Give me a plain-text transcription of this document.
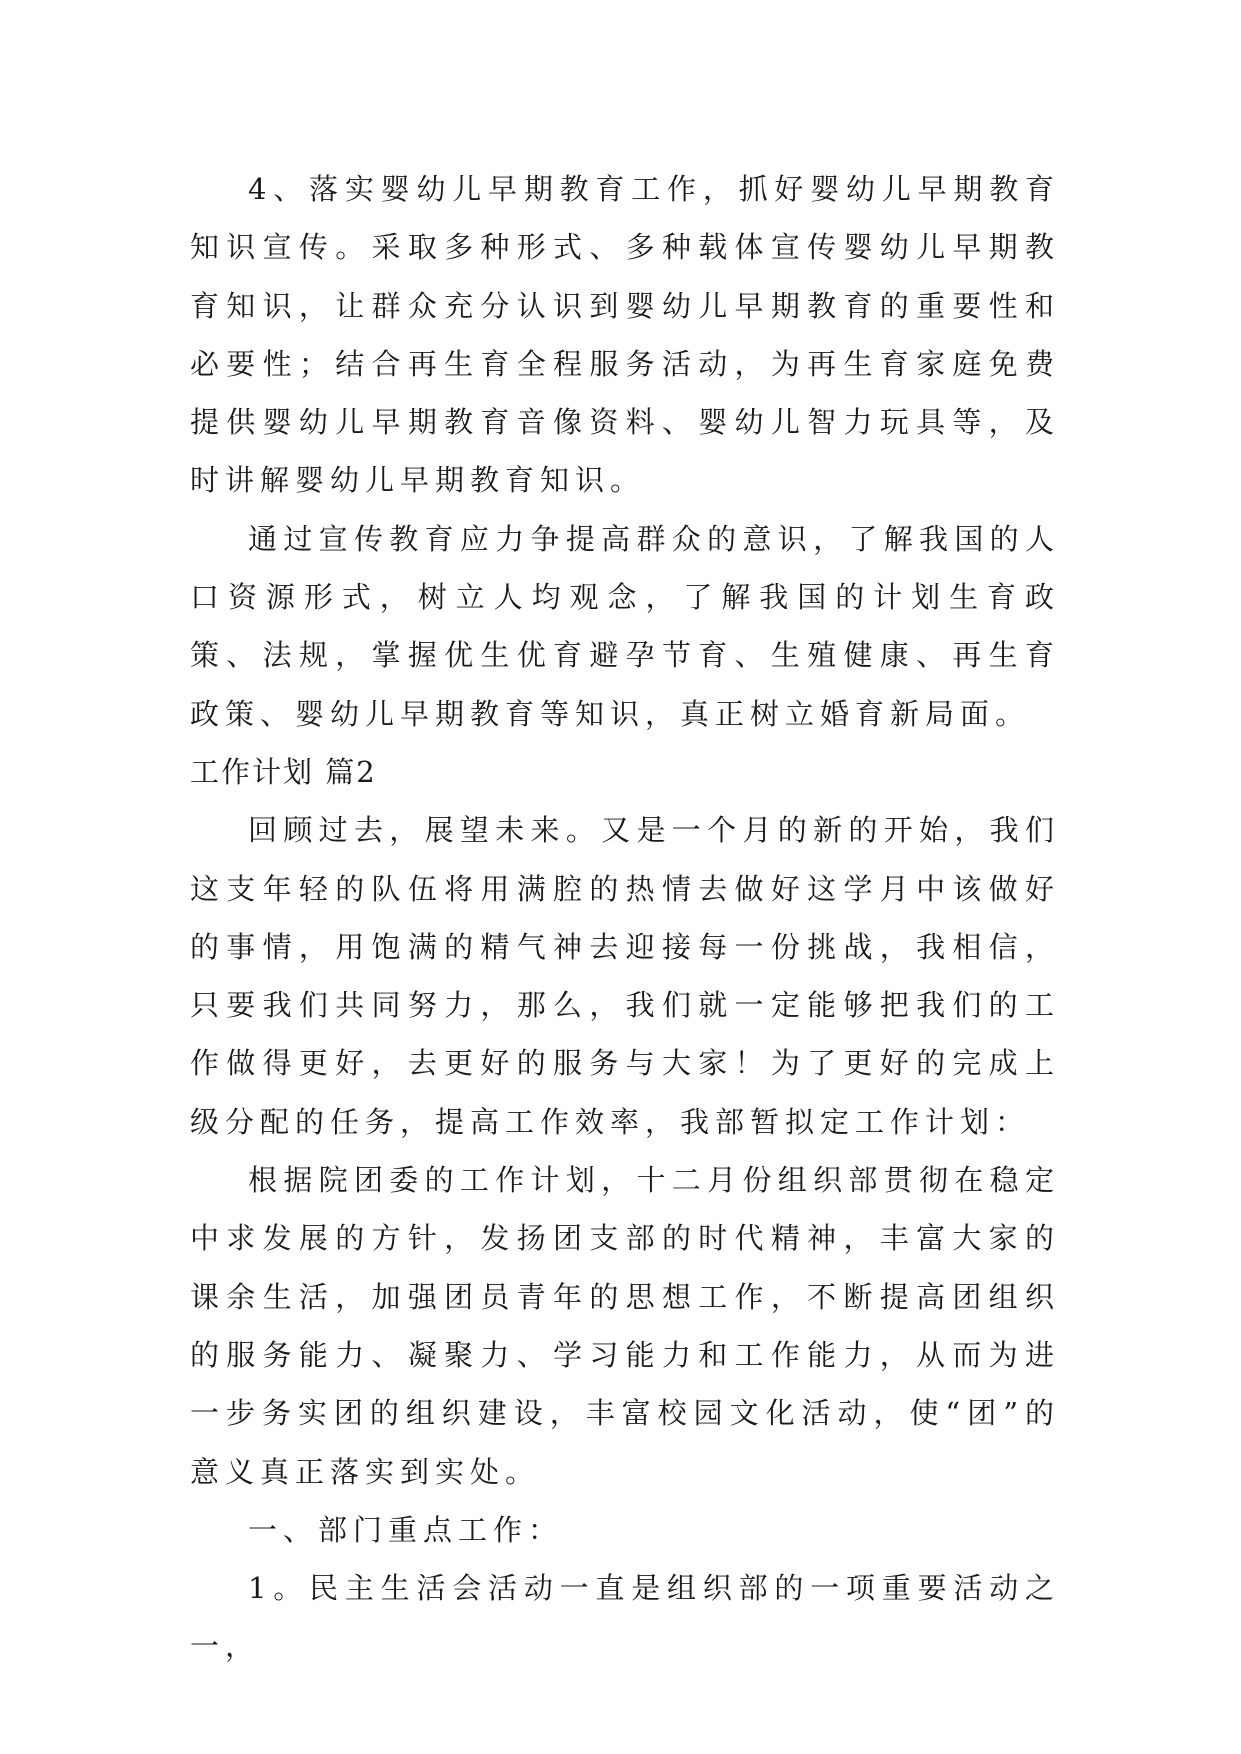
4、落实婴幼儿早期教育工作，抓好婴幼儿早期教育知识宣传。采取多种形式、多种载体宣传婴幼儿早期教育知识，让群众充分认识到婴幼儿早期教育的重要性和必要性；结合再生育全程服务活动，为再生育家庭免费提供婴幼儿早期教育音像资料、婴幼儿智力玩具等，及时讲解婴幼儿早期教育知识。

通过宣传教育应力争提高群众的意识，了解我国的人口资源形式，树立人均观念，了解我国的计划生育政策、法规，掌握优生优育避孕节育、生殖健康、再生育政策、婴幼儿早期教育等知识，真正树立婚育新局面。

工作计划 篇2

回顾过去，展望未来。又是一个月的新的开始，我们这支年轻的队伍将用满腔的热情去做好这学月中该做好的事情，用饱满的精气神去迎接每一份挑战，我相信，只要我们共同努力，那么，我们就一定能够把我们的工作做得更好，去更好的服务与大家！为了更好的完成上级分配的任务，提高工作效率，我部暂拟定工作计划：

根据院团委的工作计划，十二月份组织部贯彻在稳定中求发展的方针，发扬团支部的时代精神，丰富大家的课余生活，加强团员青年的思想工作，不断提高团组织的服务能力、凝聚力、学习能力和工作能力，从而为进一步务实团的组织建设，丰富校园文化活动，使“团”的意义真正落实到实处。

一、部门重点工作：

1。民主生活会活动一直是组织部的一项重要活动之一，
